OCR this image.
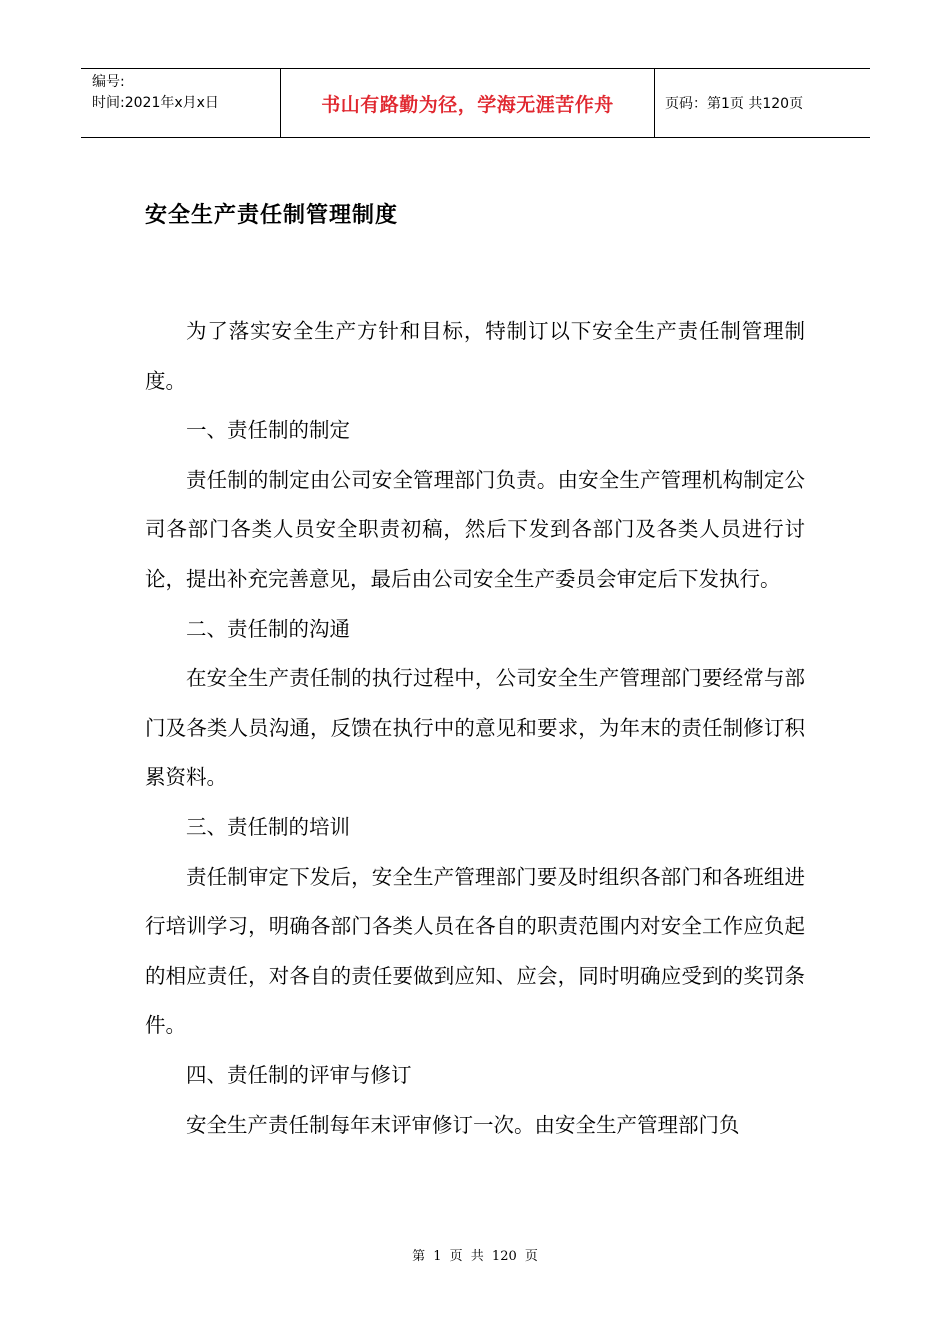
编号:
时间:2021年x月x日	书山有路勤为径，学海无涯苦作舟	页码：第1页 共120页
安全生产责任制管理制度

为了落实安全生产方针和目标，特制订以下安全生产责任制管理制度。

一、责任制的制定

责任制的制定由公司安全管理部门负责。由安全生产管理机构制定公司各部门各类人员安全职责初稿，然后下发到各部门及各类人员进行讨论，提出补充完善意见，最后由公司安全生产委员会审定后下发执行。

二、责任制的沟通

在安全生产责任制的执行过程中，公司安全生产管理部门要经常与部门及各类人员沟通，反馈在执行中的意见和要求，为年末的责任制修订积累资料。

三、责任制的培训

责任制审定下发后，安全生产管理部门要及时组织各部门和各班组进行培训学习，明确各部门各类人员在各自的职责范围内对安全工作应负起的相应责任，对各自的责任要做到应知、应会，同时明确应受到的奖罚条件。

四、责任制的评审与修订

安全生产责任制每年末评审修订一次。由安全生产管理部门负

第 1 页 共 120 页
